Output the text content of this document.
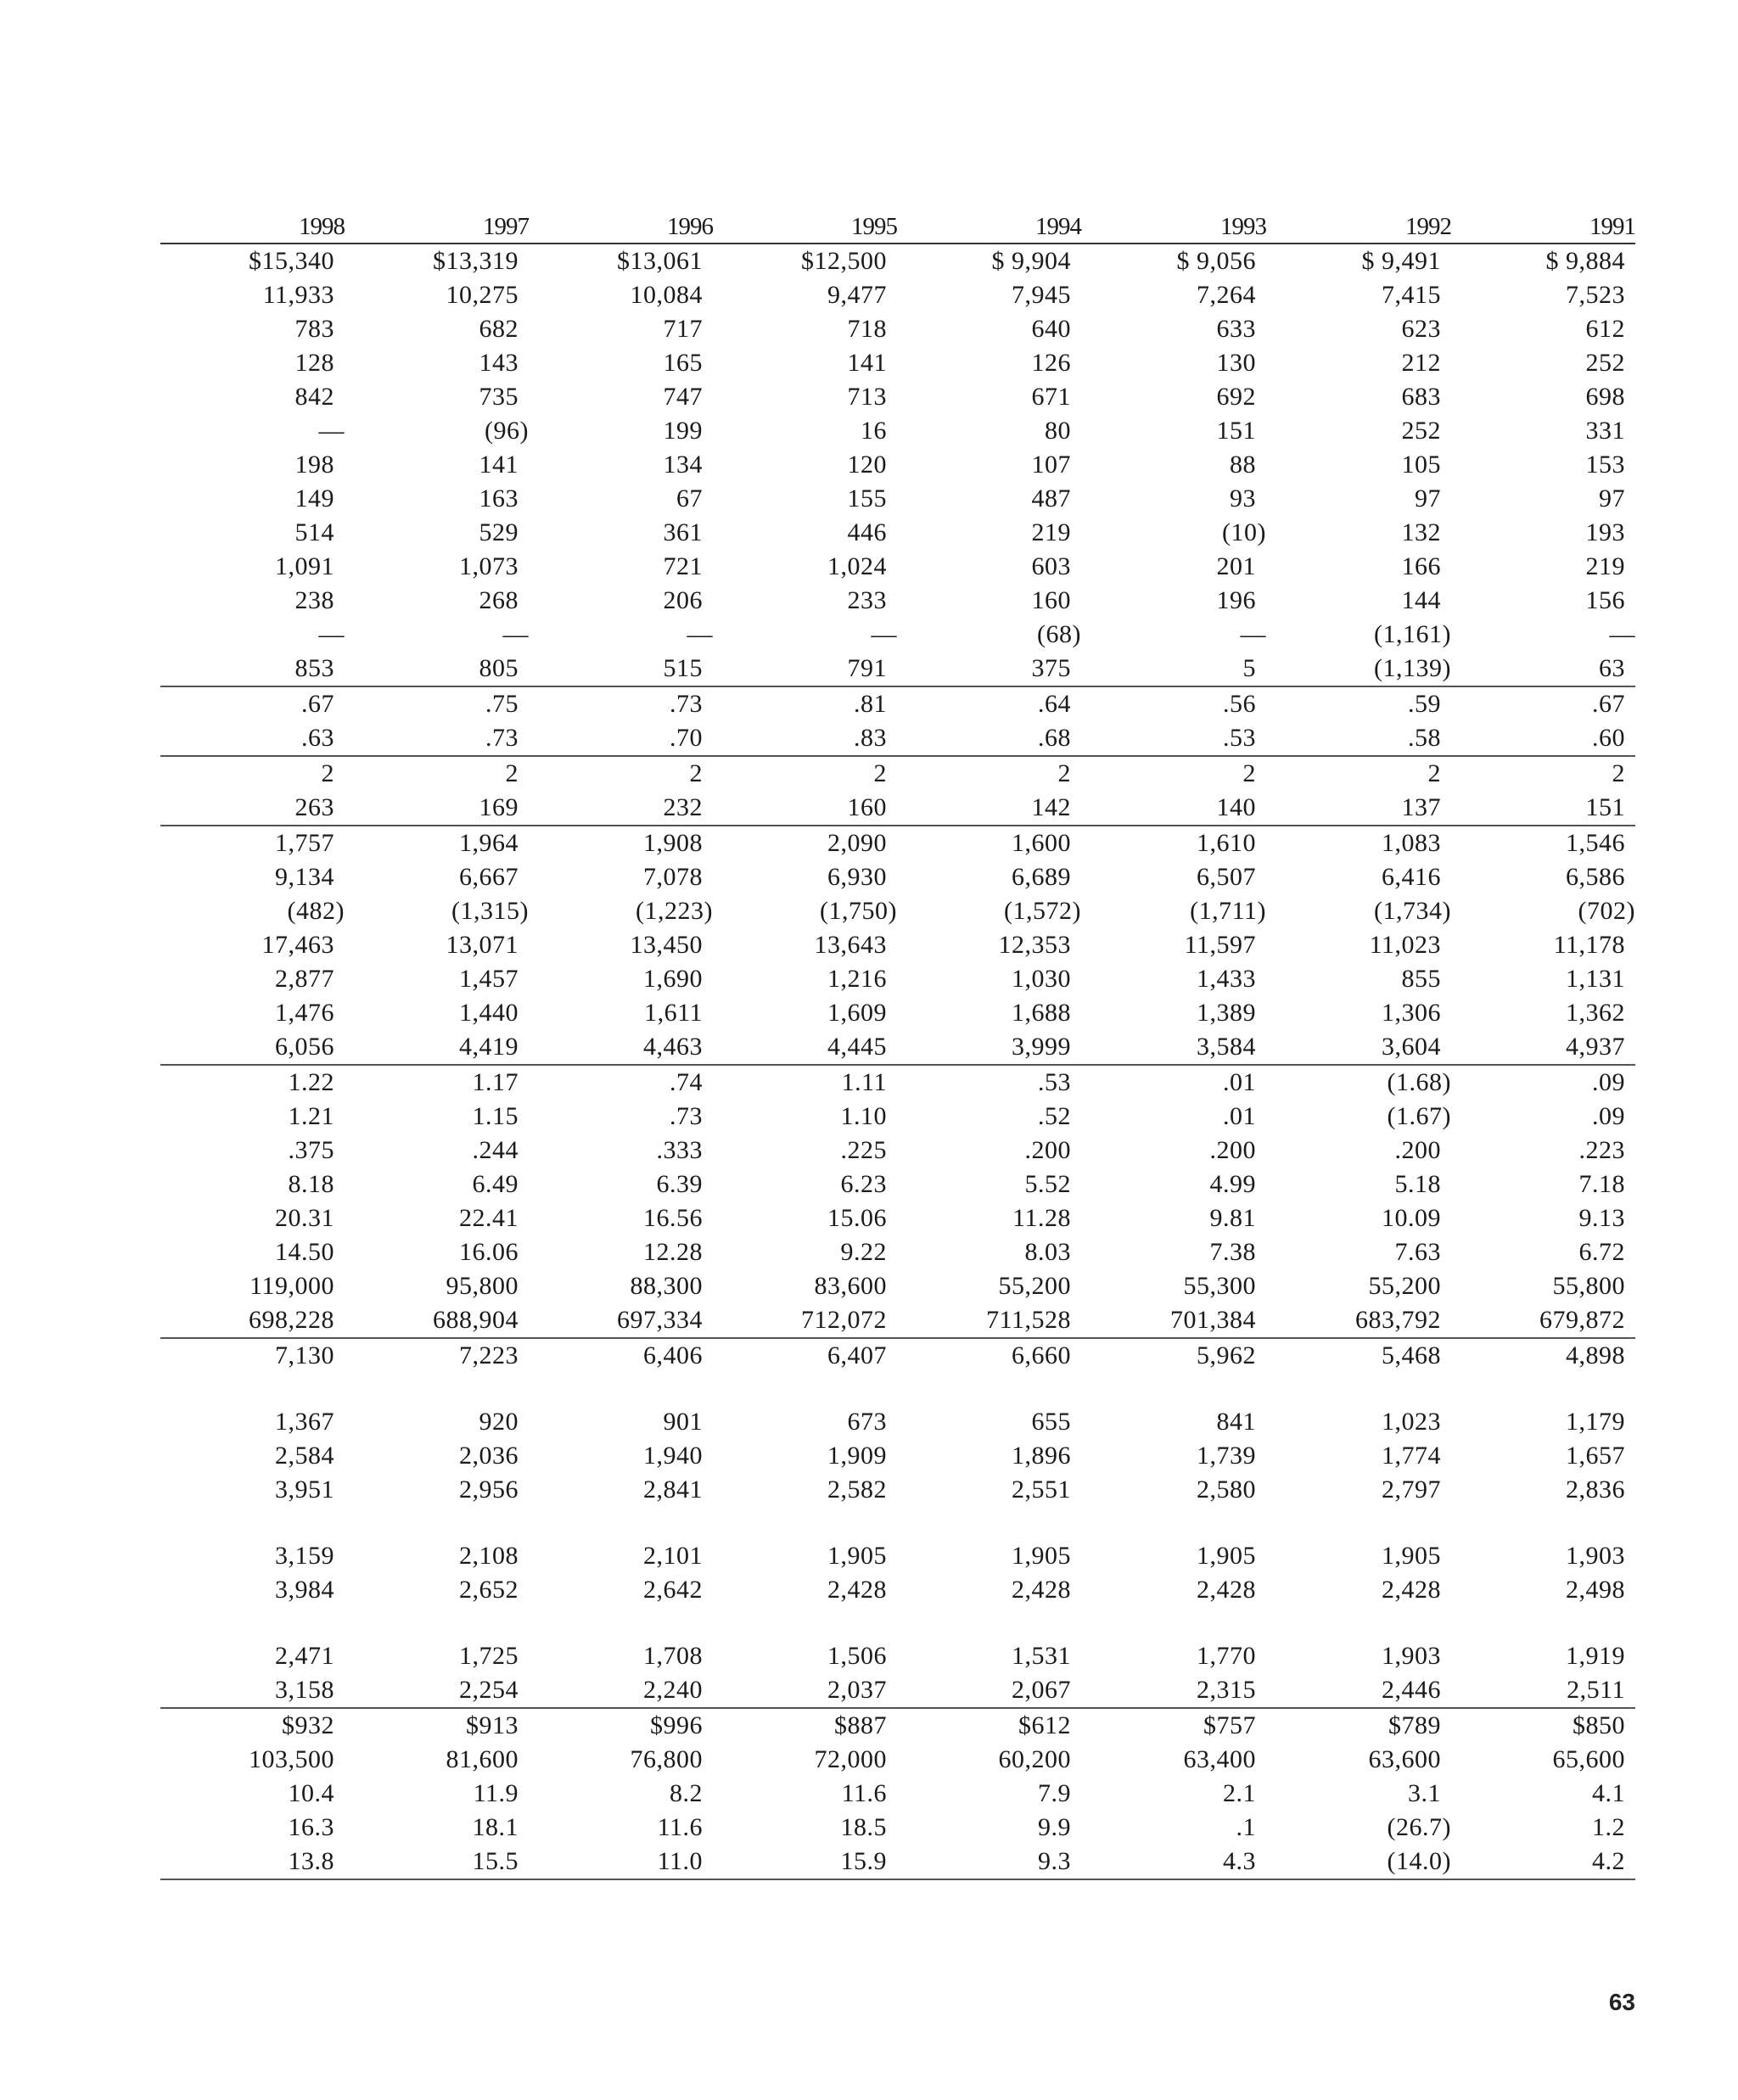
1998	1997	1996	1995	1994	1993	1992	1991
$15,340	$13,319	$13,061	$12,500	$ 9,904	$ 9,056	$ 9,491	$ 9,884
11,933	10,275	10,084	9,477	7,945	7,264	7,415	7,523
783	682	717	718	640	633	623	612
128	143	165	141	126	130	212	252
842	735	747	713	671	692	683	698
—	(96)	199	16	80	151	252	331
198	141	134	120	107	88	105	153
149	163	67	155	487	93	97	97
514	529	361	446	219	(10)	132	193
1,091	1,073	721	1,024	603	201	166	219
238	268	206	233	160	196	144	156
—	—	—	—	(68)	—	(1,161)	—
853	805	515	791	375	5	(1,139)	63
.67	.75	.73	.81	.64	.56	.59	.67
.63	.73	.70	.83	.68	.53	.58	.60
2	2	2	2	2	2	2	2
263	169	232	160	142	140	137	151
1,757	1,964	1,908	2,090	1,600	1,610	1,083	1,546
9,134	6,667	7,078	6,930	6,689	6,507	6,416	6,586
(482)	(1,315)	(1,223)	(1,750)	(1,572)	(1,711)	(1,734)	(702)
17,463	13,071	13,450	13,643	12,353	11,597	11,023	11,178
2,877	1,457	1,690	1,216	1,030	1,433	855	1,131
1,476	1,440	1,611	1,609	1,688	1,389	1,306	1,362
6,056	4,419	4,463	4,445	3,999	3,584	3,604	4,937
1.22	1.17	.74	1.11	.53	.01	(1.68)	.09
1.21	1.15	.73	1.10	.52	.01	(1.67)	.09
.375	.244	.333	.225	.200	.200	.200	.223
8.18	6.49	6.39	6.23	5.52	4.99	5.18	7.18
20.31	22.41	16.56	15.06	11.28	9.81	10.09	9.13
14.50	16.06	12.28	9.22	8.03	7.38	7.63	6.72
119,000	95,800	88,300	83,600	55,200	55,300	55,200	55,800
698,228	688,904	697,334	712,072	711,528	701,384	683,792	679,872
7,130	7,223	6,406	6,407	6,660	5,962	5,468	4,898
1,367	920	901	673	655	841	1,023	1,179
2,584	2,036	1,940	1,909	1,896	1,739	1,774	1,657
3,951	2,956	2,841	2,582	2,551	2,580	2,797	2,836
3,159	2,108	2,101	1,905	1,905	1,905	1,905	1,903
3,984	2,652	2,642	2,428	2,428	2,428	2,428	2,498
2,471	1,725	1,708	1,506	1,531	1,770	1,903	1,919
3,158	2,254	2,240	2,037	2,067	2,315	2,446	2,511
$932	$913	$996	$887	$612	$757	$789	$850
103,500	81,600	76,800	72,000	60,200	63,400	63,600	65,600
10.4	11.9	8.2	11.6	7.9	2.1	3.1	4.1
16.3	18.1	11.6	18.5	9.9	.1	(26.7)	1.2
13.8	15.5	11.0	15.9	9.3	4.3	(14.0)	4.2
63
